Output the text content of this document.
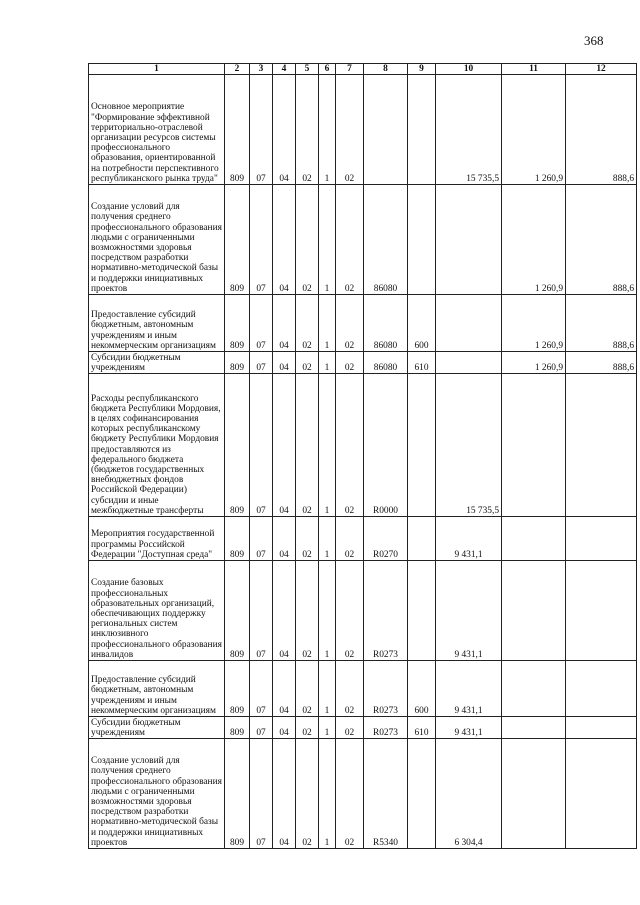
368
1	2	3	4	5	6	7	8	9	10	11	12
Основное мероприятие "Формирование эффективной территориально-отраслевой организации ресурсов системы профессионального образования, ориентированной на потребности перспективного республиканского рынка труда"	809	07	04	02	1	02			15 735,5	1 260,9	888,6
Создание условий для получения среднего профессионального образования людьми с ограниченными возможностями здоровья посредством разработки нормативно-методической базы и поддержки инициативных проектов	809	07	04	02	1	02	86080			1 260,9	888,6
Предоставление субсидий бюджетным, автономным учреждениям и иным некоммерческим организациям	809	07	04	02	1	02	86080	600		1 260,9	888,6
Субсидии бюджетным учреждениям	809	07	04	02	1	02	86080	610		1 260,9	888,6
Расходы республиканского бюджета Республики Мордовия, в целях софинансирования которых республиканскому бюджету Республики Мордовия предоставляются из федерального бюджета (бюджетов государственных внебюджетных фондов Российской Федерации) субсидии и иные межбюджетные трансферты	809	07	04	02	1	02	R0000		15 735,5		
Мероприятия государственной программы Российской Федерации "Доступная среда"	809	07	04	02	1	02	R0270		9 431,1		
Создание базовых профессиональных образовательных организаций, обеспечивающих поддержку региональных систем инклюзивного профессионального образования инвалидов	809	07	04	02	1	02	R0273		9 431,1		
Предоставление субсидий бюджетным, автономным учреждениям и иным некоммерческим организациям	809	07	04	02	1	02	R0273	600	9 431,1		
Субсидии бюджетным учреждениям	809	07	04	02	1	02	R0273	610	9 431,1		
Создание условий для получения среднего профессионального образования людьми с ограниченными возможностями здоровья посредством разработки нормативно-методической базы и поддержки инициативных проектов	809	07	04	02	1	02	R5340		6 304,4		
